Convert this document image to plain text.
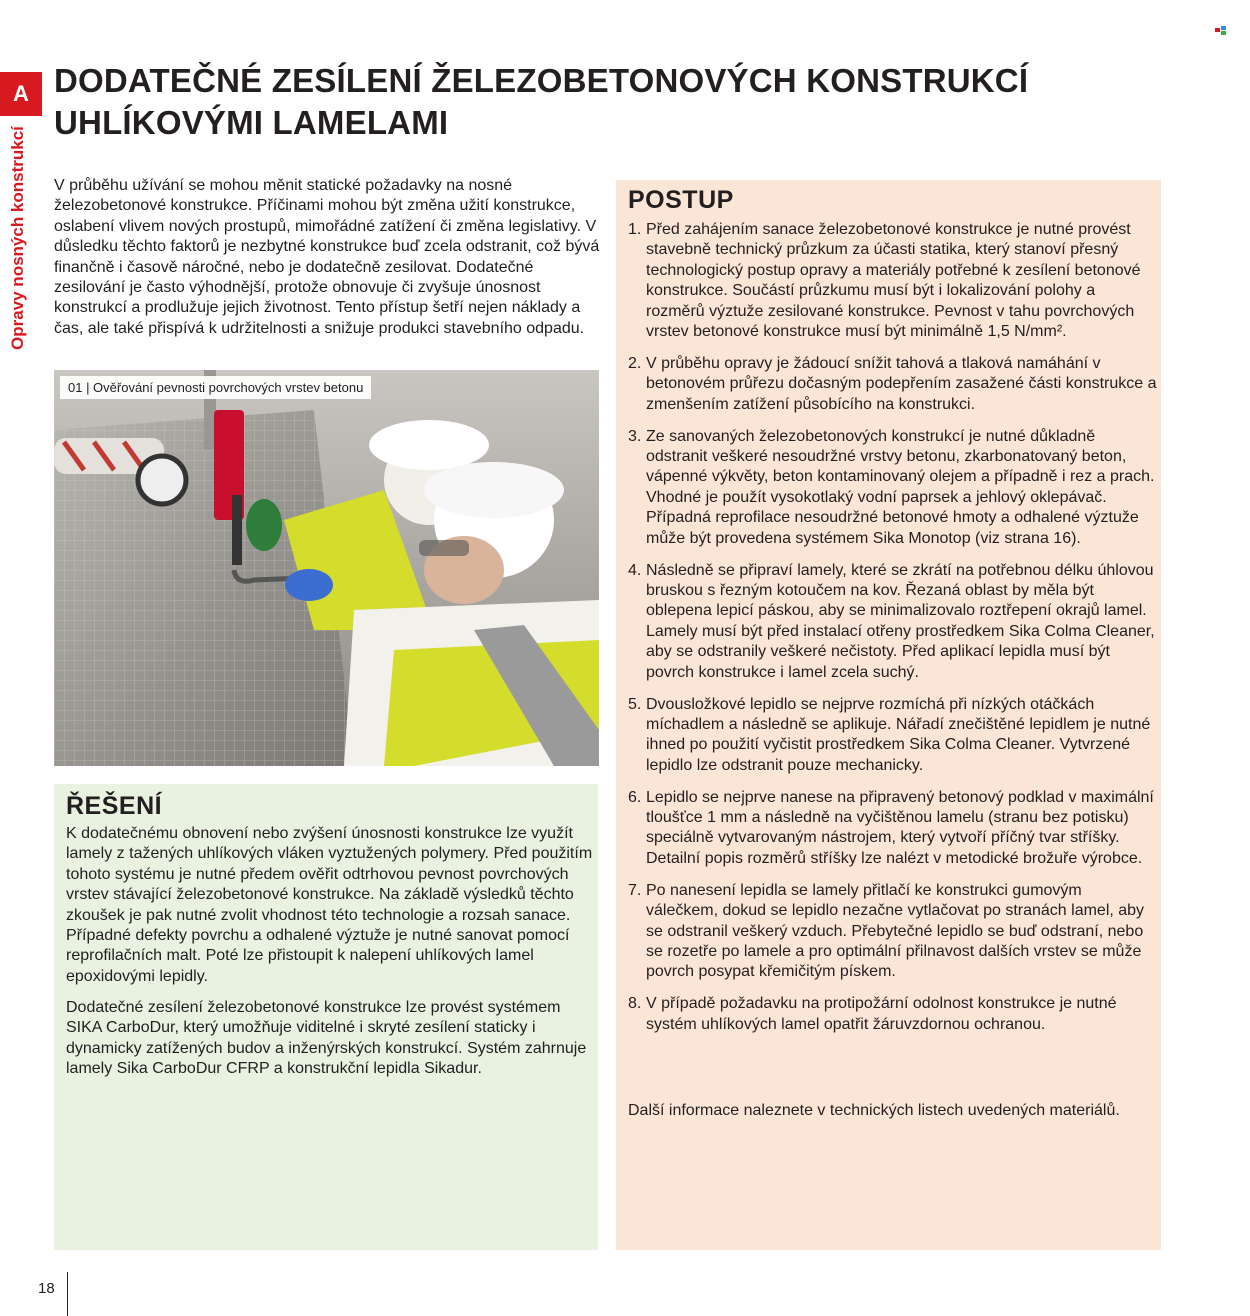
A
Opravy nosných konstrukcí
DODATEČNÉ ZESÍLENÍ ŽELEZOBETONOVÝCH KONSTRUKCÍ UHLÍKOVÝMI LAMELAMI

V průběhu užívání se mohou měnit statické požadavky na nosné železobetonové konstrukce. Příčinami mohou být změna užití konstrukce, oslabení vlivem nových prostupů, mimořádné zatížení či změna legislativy. V důsledku těchto faktorů je nezbytné konstrukce buď zcela odstranit, což bývá finančně i časově náročné, nebo je dodatečně zesilovat. Dodatečné zesilování je často výhodnější, protože obnovuje či zvyšuje únosnost konstrukcí a prodlužuje jejich životnost. Tento přístup šetří nejen náklady a čas, ale také přispívá k udržitelnosti a snižuje produkci stavebního odpadu.

01 | Ověřování pevnosti povrchových vrstev betonu
ŘEŠENÍ

K dodatečnému obnovení nebo zvýšení únosnosti konstrukce lze využít lamely z tažených uhlíkových vláken vyztužených polymery. Před použitím tohoto systému je nutné předem ověřit odtrhovou pevnost povrchových vrstev stávající železobetonové konstrukce. Na základě výsledků těchto zkoušek je pak nutné zvolit vhodnost této technologie a rozsah sanace. Případné defekty povrchu a odhalené výztuže je nutné sanovat pomocí reprofilačních malt. Poté lze přistoupit k nalepení uhlíkových lamel epoxidovými lepidly.

Dodatečné zesílení železobetonové konstrukce lze provést systémem SIKA CarboDur, který umožňuje viditelné i skryté zesílení staticky i dynamicky zatížených budov a inženýrských konstrukcí. Systém zahrnuje lamely Sika CarboDur CFRP a konstrukční lepidla Sikadur.

POSTUP
1. Před zahájením sanace železobetonové konstrukce je nutné provést stavebně technický průzkum za účasti statika, který stanoví přesný technologický postup opravy a materiály potřebné k zesílení betonové konstrukce. Součástí průzkumu musí být i lokalizování polohy a rozměrů výztuže zesilované konstrukce. Pevnost v tahu povrchových vrstev betonové konstrukce musí být minimálně 1,5 N/mm².
2. V průběhu opravy je žádoucí snížit tahová a tlaková namáhání v betonovém průřezu dočasným podepřením zasažené části konstrukce a zmenšením zatížení působícího na konstrukci.
3. Ze sanovaných železobetonových konstrukcí je nutné důkladně odstranit veškeré nesoudržné vrstvy betonu, zkarbonatovaný beton, vápenné výkvěty, beton kontaminovaný olejem a případně i rez a prach. Vhodné je použít vysokotlaký vodní paprsek a jehlový oklepávač. Případná reprofilace nesoudržné betonové hmoty a odhalené výztuže může být provedena systémem Sika Monotop (viz strana 16).
4. Následně se připraví lamely, které se zkrátí na potřebnou délku úhlovou bruskou s řezným kotoučem na kov. Řezaná oblast by měla být oblepena lepicí páskou, aby se minimalizovalo roztřepení okrajů lamel. Lamely musí být před instalací otřeny prostředkem Sika Colma Cleaner, aby se odstranily veškeré nečistoty. Před aplikací lepidla musí být povrch konstrukce i lamel zcela suchý.
5. Dvousložkové lepidlo se nejprve rozmíchá při nízkých otáčkách míchadlem a následně se aplikuje. Nářadí znečištěné lepidlem je nutné ihned po použití vyčistit prostředkem Sika Colma Cleaner. Vytvrzené lepidlo lze odstranit pouze mechanicky.
6. Lepidlo se nejprve nanese na připravený betonový podklad v maximální tloušťce 1 mm a následně na vyčištěnou lamelu (stranu bez potisku) speciálně vytvarovaným nástrojem, který vytvoří příčný tvar stříšky. Detailní popis rozměrů stříšky lze nalézt v metodické brožuře výrobce.
7. Po nanesení lepidla se lamely přitlačí ke konstrukci gumovým válečkem, dokud se lepidlo nezačne vytlačovat po stranách lamel, aby se odstranil veškerý vzduch. Přebytečné lepidlo se buď odstraní, nebo se rozetře po lamele a pro optimální přilnavost dalších vrstev se může povrch posypat křemičitým pískem.
8. V případě požadavku na protipožární odolnost konstrukce je nutné systém uhlíkových lamel opatřit žáruvzdornou ochranou.

Další informace naleznete v technických listech uvedených materiálů.

18
